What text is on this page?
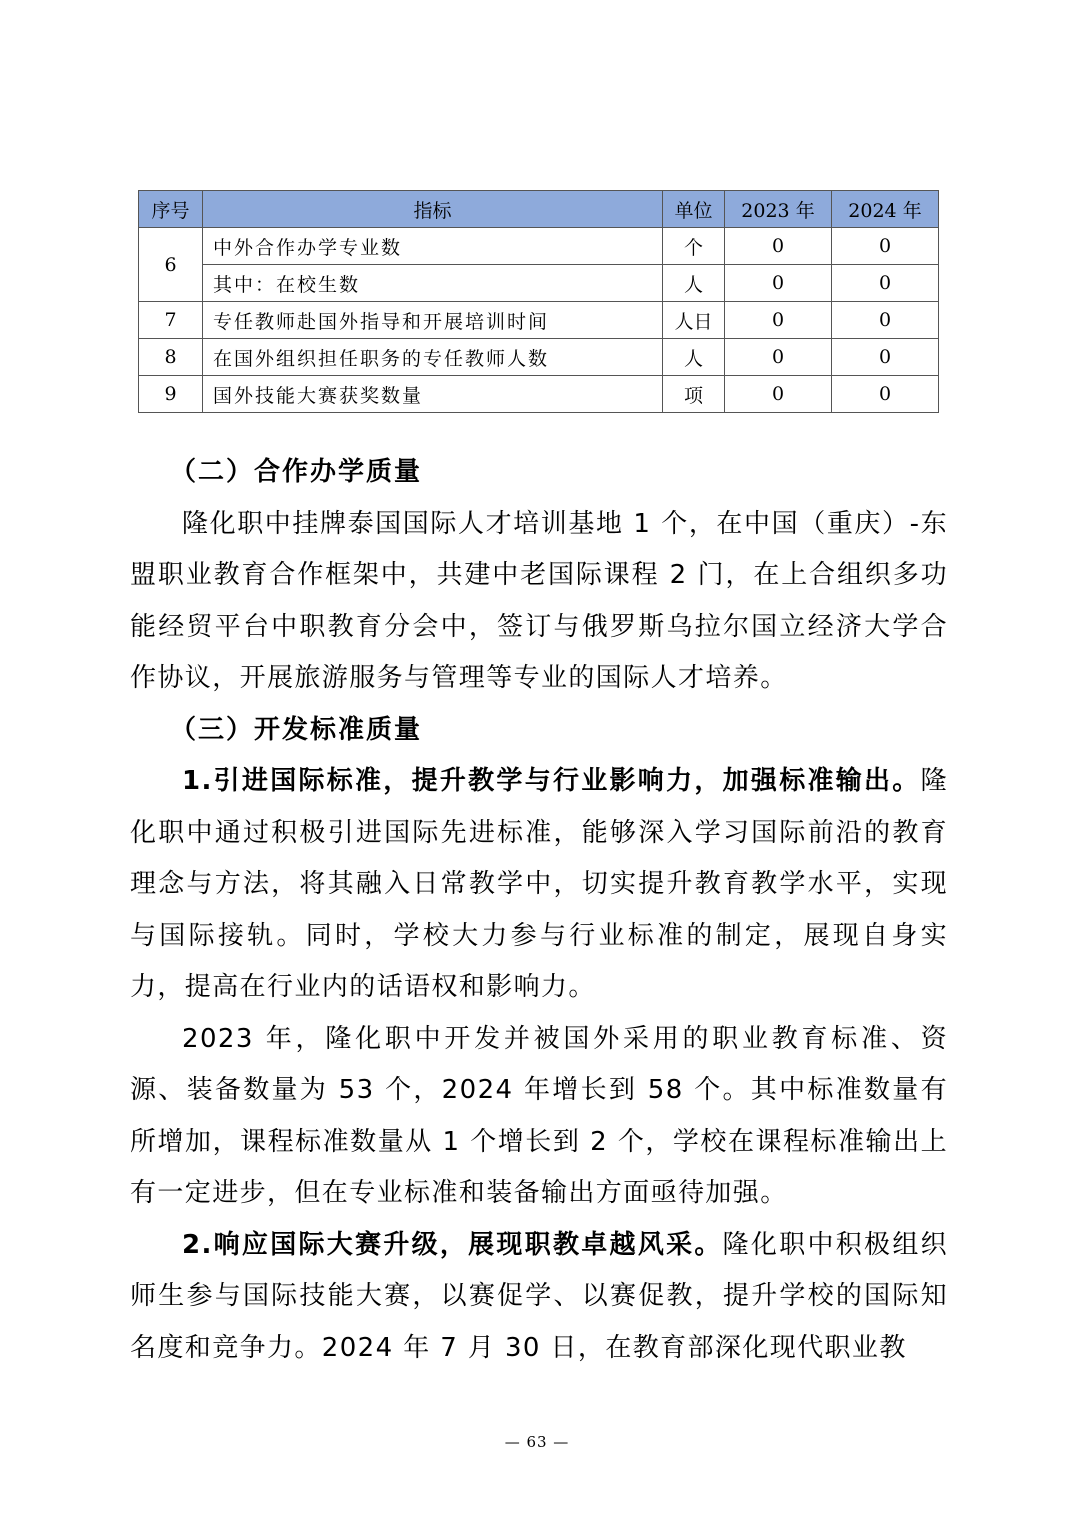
序号	指标	单位	2023 年	2024 年
6	中外合作办学专业数	个	0	0
	其中：在校生数	人	0	0
7	专任教师赴国外指导和开展培训时间	人日	0	0
8	在国外组织担任职务的专任教师人数	人	0	0
9	国外技能大赛获奖数量	项	0	0

（二）合作办学质量

隆化职中挂牌泰国国际人才培训基地 1 个，在中国（重庆）-东盟职业教育合作框架中，共建中老国际课程 2 门，在上合组织多功能经贸平台中职教育分会中，签订与俄罗斯乌拉尔国立经济大学合作协议，开展旅游服务与管理等专业的国际人才培养。

（三）开发标准质量

1.引进国际标准，提升教学与行业影响力，加强标准输出。隆化职中通过积极引进国际先进标准，能够深入学习国际前沿的教育理念与方法，将其融入日常教学中，切实提升教育教学水平，实现与国际接轨。同时，学校大力参与行业标准的制定，展现自身实力，提高在行业内的话语权和影响力。

2023 年，隆化职中开发并被国外采用的职业教育标准、资源、装备数量为 53 个，2024 年增长到 58 个。其中标准数量有所增加，课程标准数量从 1 个增长到 2 个，学校在课程标准输出上有一定进步，但在专业标准和装备输出方面亟待加强。

2.响应国际大赛升级，展现职教卓越风采。隆化职中积极组织师生参与国际技能大赛，以赛促学、以赛促教，提升学校的国际知名度和竞争力。2024 年 7 月 30 日，在教育部深化现代职业教

— 63 —
